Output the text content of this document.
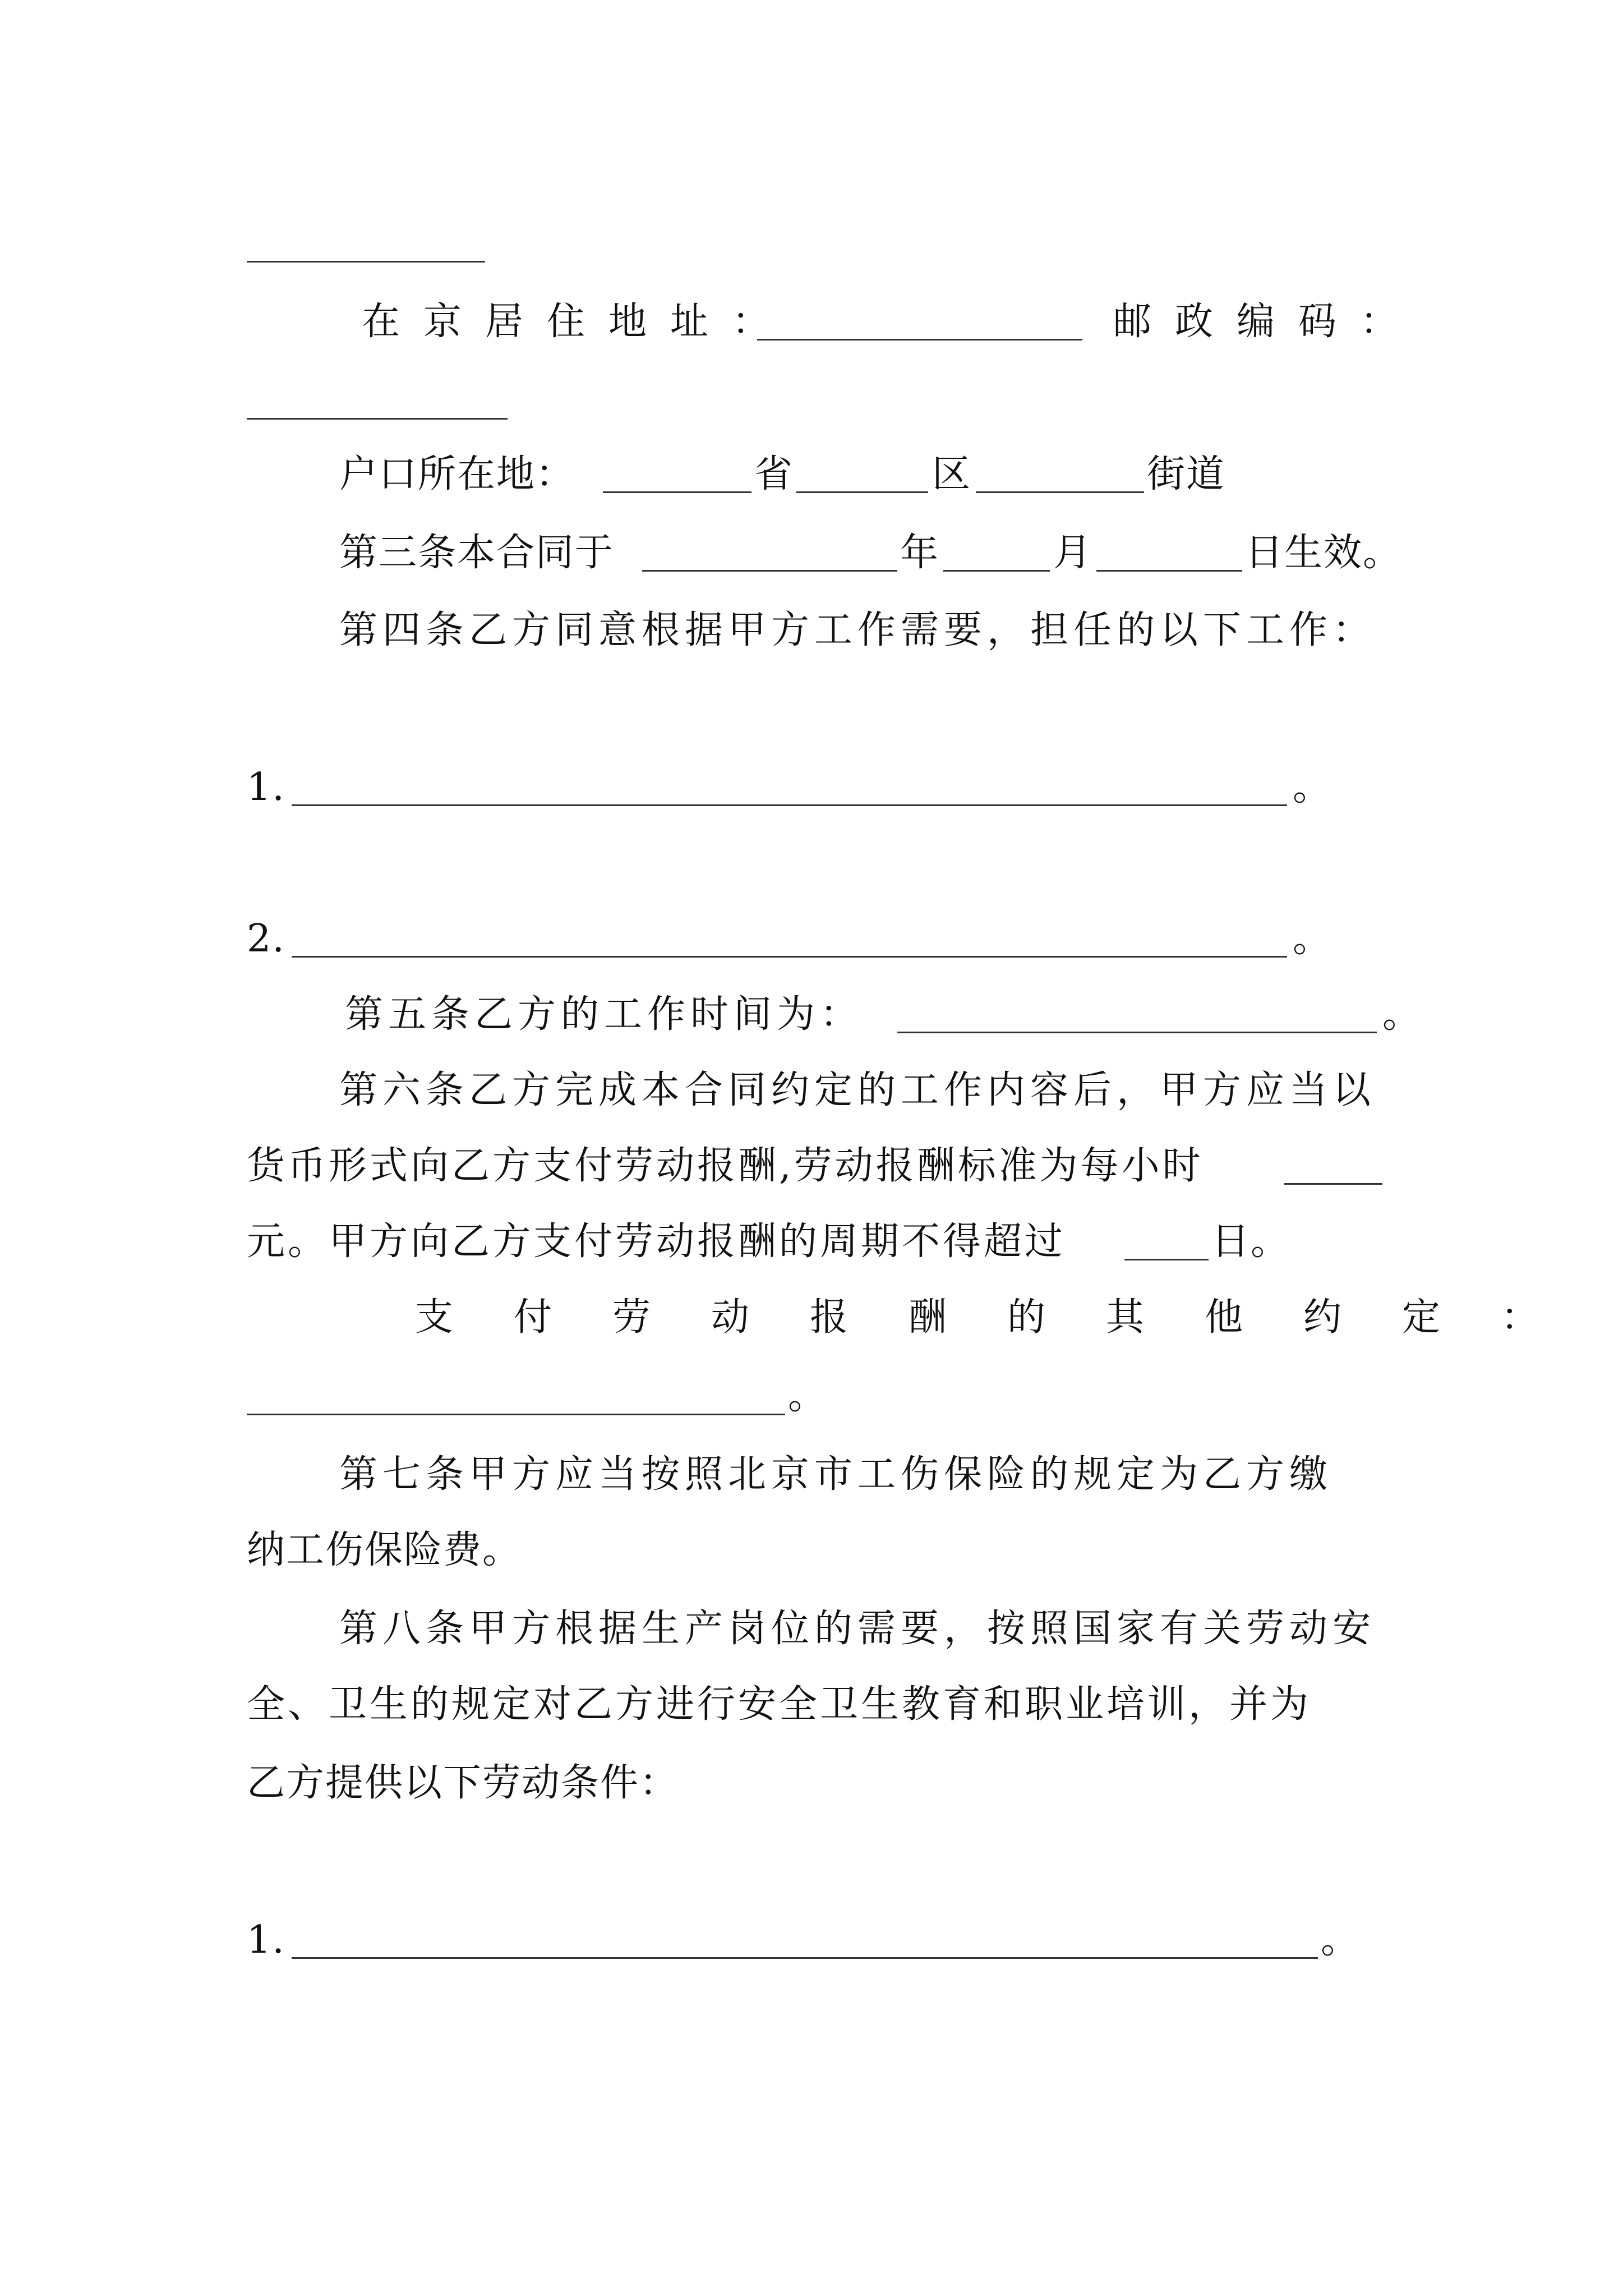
在京居住地址：	邮政编码：
户口所在地：	省	区	街道
第三条本合同于	年	月	日生效。
第四条乙方同意根据甲方工作需要，担任的以下工作：
1.	。
2.	。
第五条乙方的工作时间为：	。
第六条乙方完成本合同约定的工作内容后，甲方应当以
货币形式向乙方支付劳动报酬,劳动报酬标准为每小时
元。甲方向乙方支付劳动报酬的周期不得超过	日。
支付劳动报酬的其他约定：
。
第七条甲方应当按照北京市工伤保险的规定为乙方缴
纳工伤保险费。
第八条甲方根据生产岗位的需要，按照国家有关劳动安
全、卫生的规定对乙方进行安全卫生教育和职业培训，并为
乙方提供以下劳动条件：
1.	。
